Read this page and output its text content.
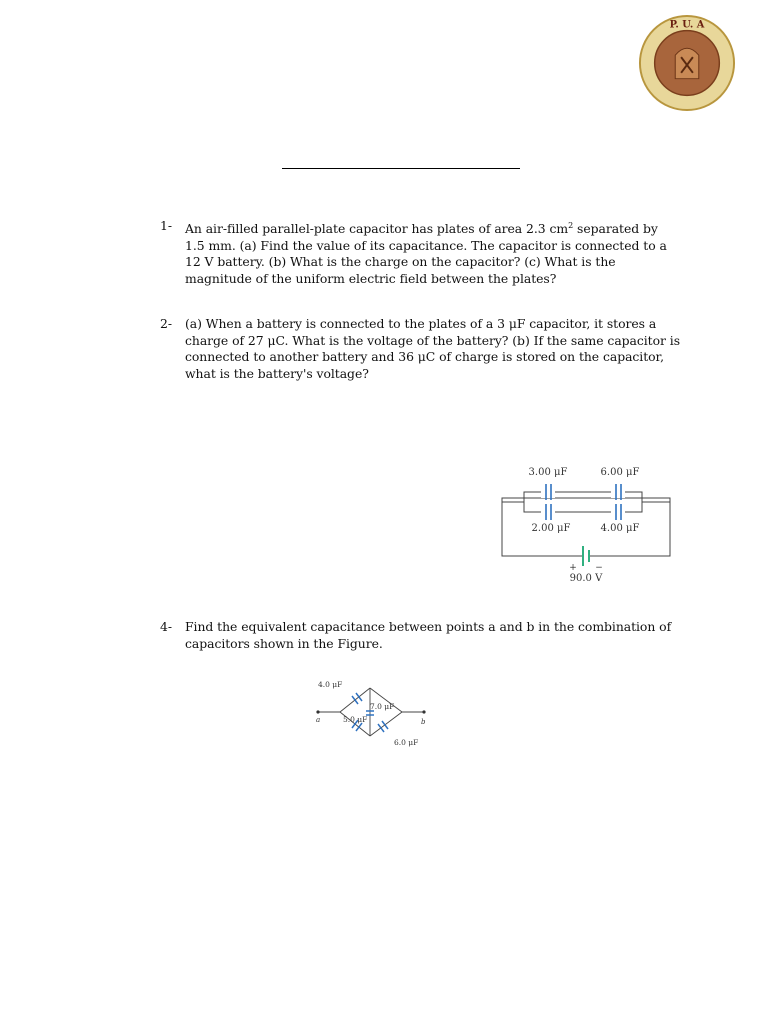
P. U. A
1- An air-filled parallel-plate capacitor has plates of area 2.3 $cm^2$ separated by 1.5 mm. (a) Find the value of its capacitance. The capacitor is connected to a 12 V battery. (b) What is the charge on the capacitor? (c) What is the magnitude of the uniform electric field between the plates?
2- (a) When a battery is connected to the plates of a 3 μF capacitor, it stores a charge of 27 μC. What is the voltage of the battery? (b) If the same capacitor is connected to another battery and 36 μC of charge is stored on the capacitor, what is the battery's voltage?
3.00 μF	6.00 μF
2.00 μF	4.00 μF
+ −
90.0 V
4- Find the equivalent capacitance between points a and b in the combination of capacitors shown in the Figure.
4.0 μF
7.0 μF
5.0 μF
6.0 μF
a	b
